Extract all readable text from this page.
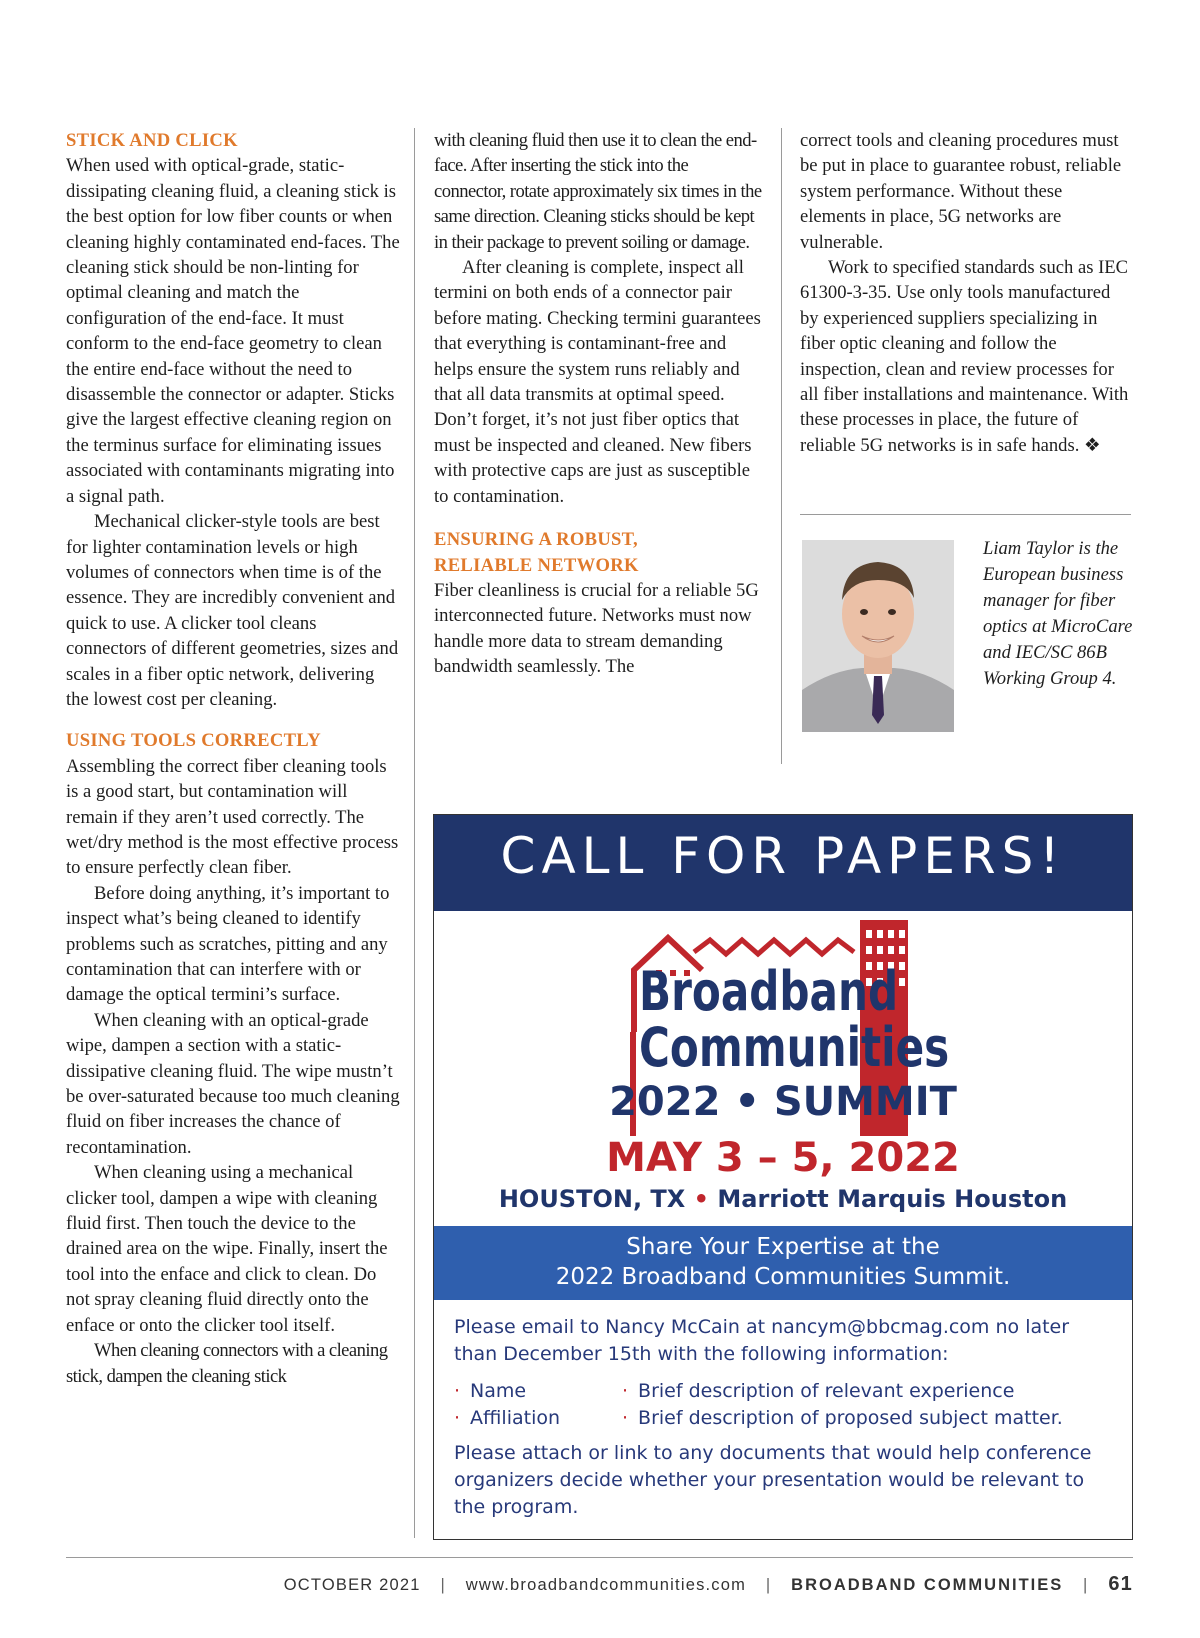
STICK AND CLICK

When used with optical-grade, static-dissipating cleaning fluid, a cleaning stick is the best option for low fiber counts or when cleaning highly contaminated end-faces. The cleaning stick should be non-linting for optimal cleaning and match the configuration of the end-face. It must conform to the end-face geometry to clean the entire end-face without the need to disassemble the connector or adapter. Sticks give the largest effective cleaning region on the terminus surface for eliminating issues associated with contaminants migrating into a signal path.

Mechanical clicker-style tools are best for lighter contamination levels or high volumes of connectors when time is of the essence. They are incredibly convenient and quick to use. A clicker tool cleans connectors of different geometries, sizes and scales in a fiber optic network, delivering the lowest cost per cleaning.

USING TOOLS CORRECTLY

Assembling the correct fiber cleaning tools is a good start, but contamination will remain if they aren’t used correctly. The wet/dry method is the most effective process to ensure perfectly clean fiber.

Before doing anything, it’s important to inspect what’s being cleaned to identify problems such as scratches, pitting and any contamination that can interfere with or damage the optical termini’s surface.

When cleaning with an optical-grade wipe, dampen a section with a static-dissipative cleaning fluid. The wipe mustn’t be over-saturated because too much cleaning fluid on fiber increases the chance of recontamination.

When cleaning using a mechanical clicker tool, dampen a wipe with cleaning fluid first. Then touch the device to the drained area on the wipe. Finally, insert the tool into the enface and click to clean. Do not spray cleaning fluid directly onto the enface or onto the clicker tool itself.

When cleaning connectors with a cleaning stick, dampen the cleaning stick

with cleaning fluid then use it to clean the end-face. After inserting the stick into the connector, rotate approximately six times in the same direction. Cleaning sticks should be kept in their package to prevent soiling or damage.

After cleaning is complete, inspect all termini on both ends of a connector pair before mating. Checking termini guarantees that everything is contaminant-free and helps ensure the system runs reliably and that all data transmits at optimal speed. Don’t forget, it’s not just fiber optics that must be inspected and cleaned. New fibers with protective caps are just as susceptible to contamination.

ENSURING A ROBUST,
RELIABLE NETWORK

Fiber cleanliness is crucial for a reliable 5G interconnected future. Networks must now handle more data to stream demanding bandwidth seamlessly. The

correct tools and cleaning procedures must be put in place to guarantee robust, reliable system performance. Without these elements in place, 5G networks are vulnerable.

Work to specified standards such as IEC 61300-3-35. Use only tools manufactured by experienced suppliers specializing in fiber optic cleaning and follow the inspection, clean and review processes for all fiber installations and maintenance. With these processes in place, the future of reliable 5G networks is in safe hands. ❖

Liam Taylor is the European business manager for fiber optics at MicroCare and IEC/SC 86B Working Group 4.
CALL FOR PAPERS!
Broadband
Communities
2022 • SUMMIT
MAY 3 – 5, 2022
HOUSTON, TX • Marriott Marquis Houston
Share Your Expertise at the
2022 Broadband Communities Summit.
Please email to Nancy McCain at nancym@bbcmag.com no later than December 15th with the following information:
· Name	· Brief description of relevant experience
· Affiliation	· Brief description of proposed subject matter.
Please attach or link to any documents that would help conference organizers decide whether your presentation would be relevant to the program.
OCTOBER 2021 | www.broadbandcommunities.com | BROADBAND COMMUNITIES | 61
